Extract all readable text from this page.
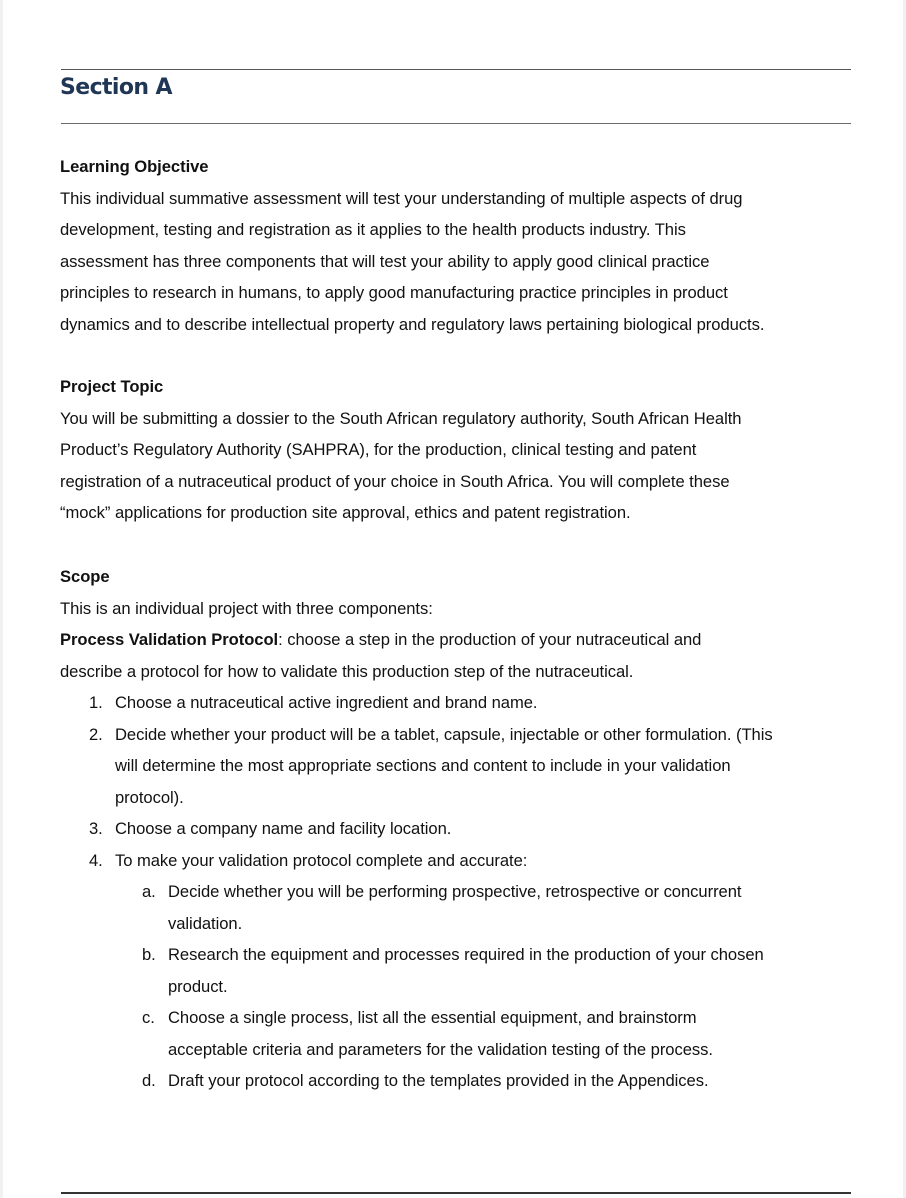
Section A
Learning Objective

This individual summative assessment will test your understanding of multiple aspects of drug
development, testing and registration as it applies to the health products industry. This
assessment has three components that will test your ability to apply good clinical practice
principles to research in humans, to apply good manufacturing practice principles in product
dynamics and to describe intellectual property and regulatory laws pertaining biological products.

Project Topic

You will be submitting a dossier to the South African regulatory authority, South African Health
Product’s Regulatory Authority (SAHPRA), for the production, clinical testing and patent
registration of a nutraceutical product of your choice in South Africa. You will complete these
“mock” applications for production site approval, ethics and patent registration.

Scope

This is an individual project with three components:

Process Validation Protocol: choose a step in the production of your nutraceutical and
describe a protocol for how to validate this production step of the nutraceutical.

1. Choose a nutraceutical active ingredient and brand name.
2. Decide whether your product will be a tablet, capsule, injectable or other formulation. (This
will determine the most appropriate sections and content to include in your validation
protocol).
3. Choose a company name and facility location.
4. To make your validation protocol complete and accurate:
a. Decide whether you will be performing prospective, retrospective or concurrent
validation.
b. Research the equipment and processes required in the production of your chosen
product.
c. Choose a single process, list all the essential equipment, and brainstorm
acceptable criteria and parameters for the validation testing of the process.
d. Draft your protocol according to the templates provided in the Appendices.
